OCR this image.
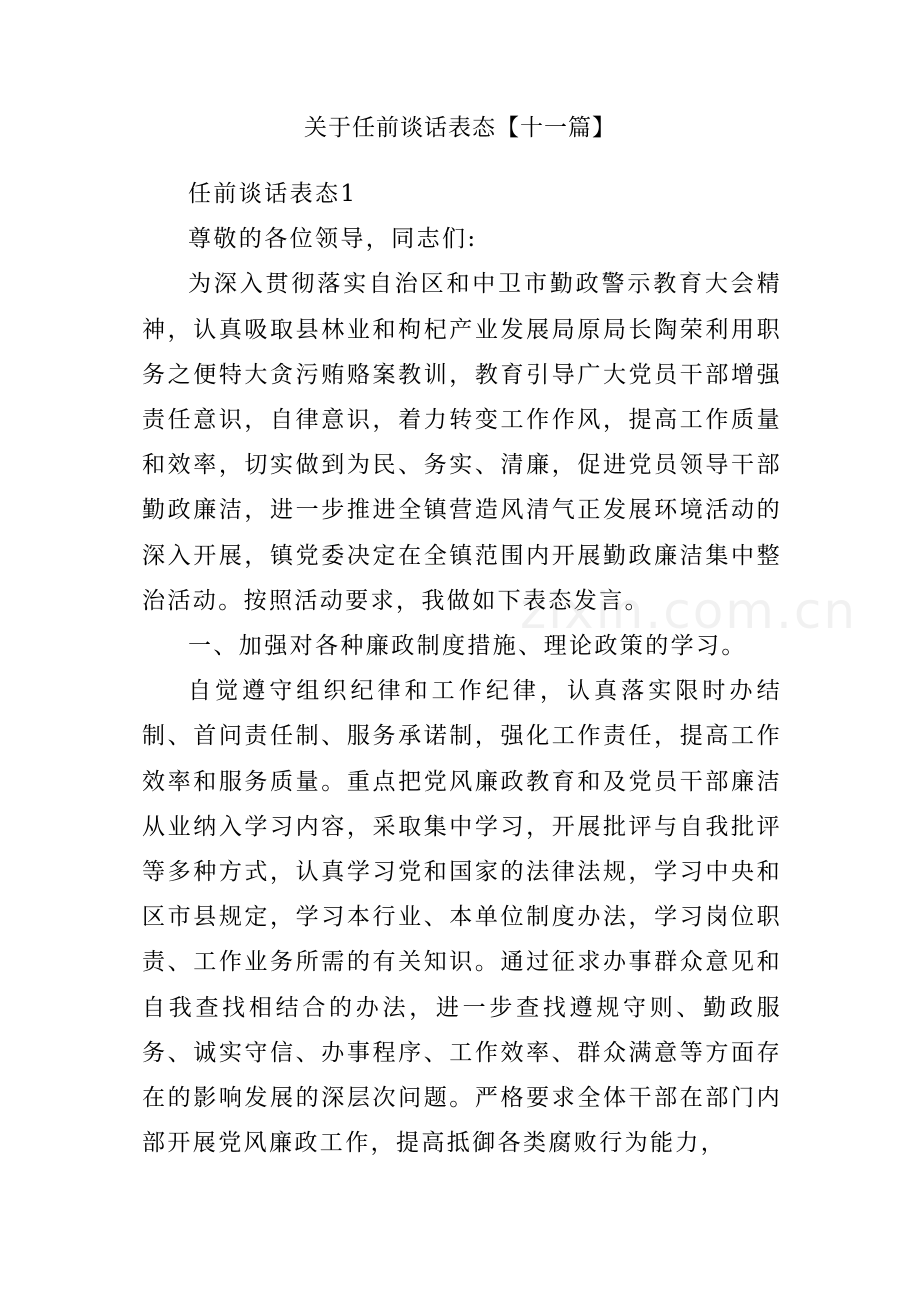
关于任前谈话表态【十一篇】

任前谈话表态1

尊敬的各位领导，同志们:

为深入贯彻落实自治区和中卫市勤政警示教育大会精神，认真吸取县林业和枸杞产业发展局原局长陶荣利用职务之便特大贪污贿赂案教训，教育引导广大党员干部增强责任意识，自律意识，着力转变工作作风，提高工作质量和效率，切实做到为民、务实、清廉，促进党员领导干部勤政廉洁，进一步推进全镇营造风清气正发展环境活动的深入开展，镇党委决定在全镇范围内开展勤政廉洁集中整治活动。按照活动要求，我做如下表态发言。

一、加强对各种廉政制度措施、理论政策的学习。

自觉遵守组织纪律和工作纪律，认真落实限时办结制、首问责任制、服务承诺制，强化工作责任，提高工作效率和服务质量。重点把党风廉政教育和及党员干部廉洁从业纳入学习内容，采取集中学习，开展批评与自我批评等多种方式，认真学习党和国家的法律法规，学习中央和区市县规定，学习本行业、本单位制度办法，学习岗位职责、工作业务所需的有关知识。通过征求办事群众意见和自我查找相结合的办法，进一步查找遵规守则、勤政服务、诚实守信、办事程序、工作效率、群众满意等方面存在的影响发展的深层次问题。严格要求全体干部在部门内部开展党风廉政工作，提高抵御各类腐败行为能力，

zixin.com.cn
